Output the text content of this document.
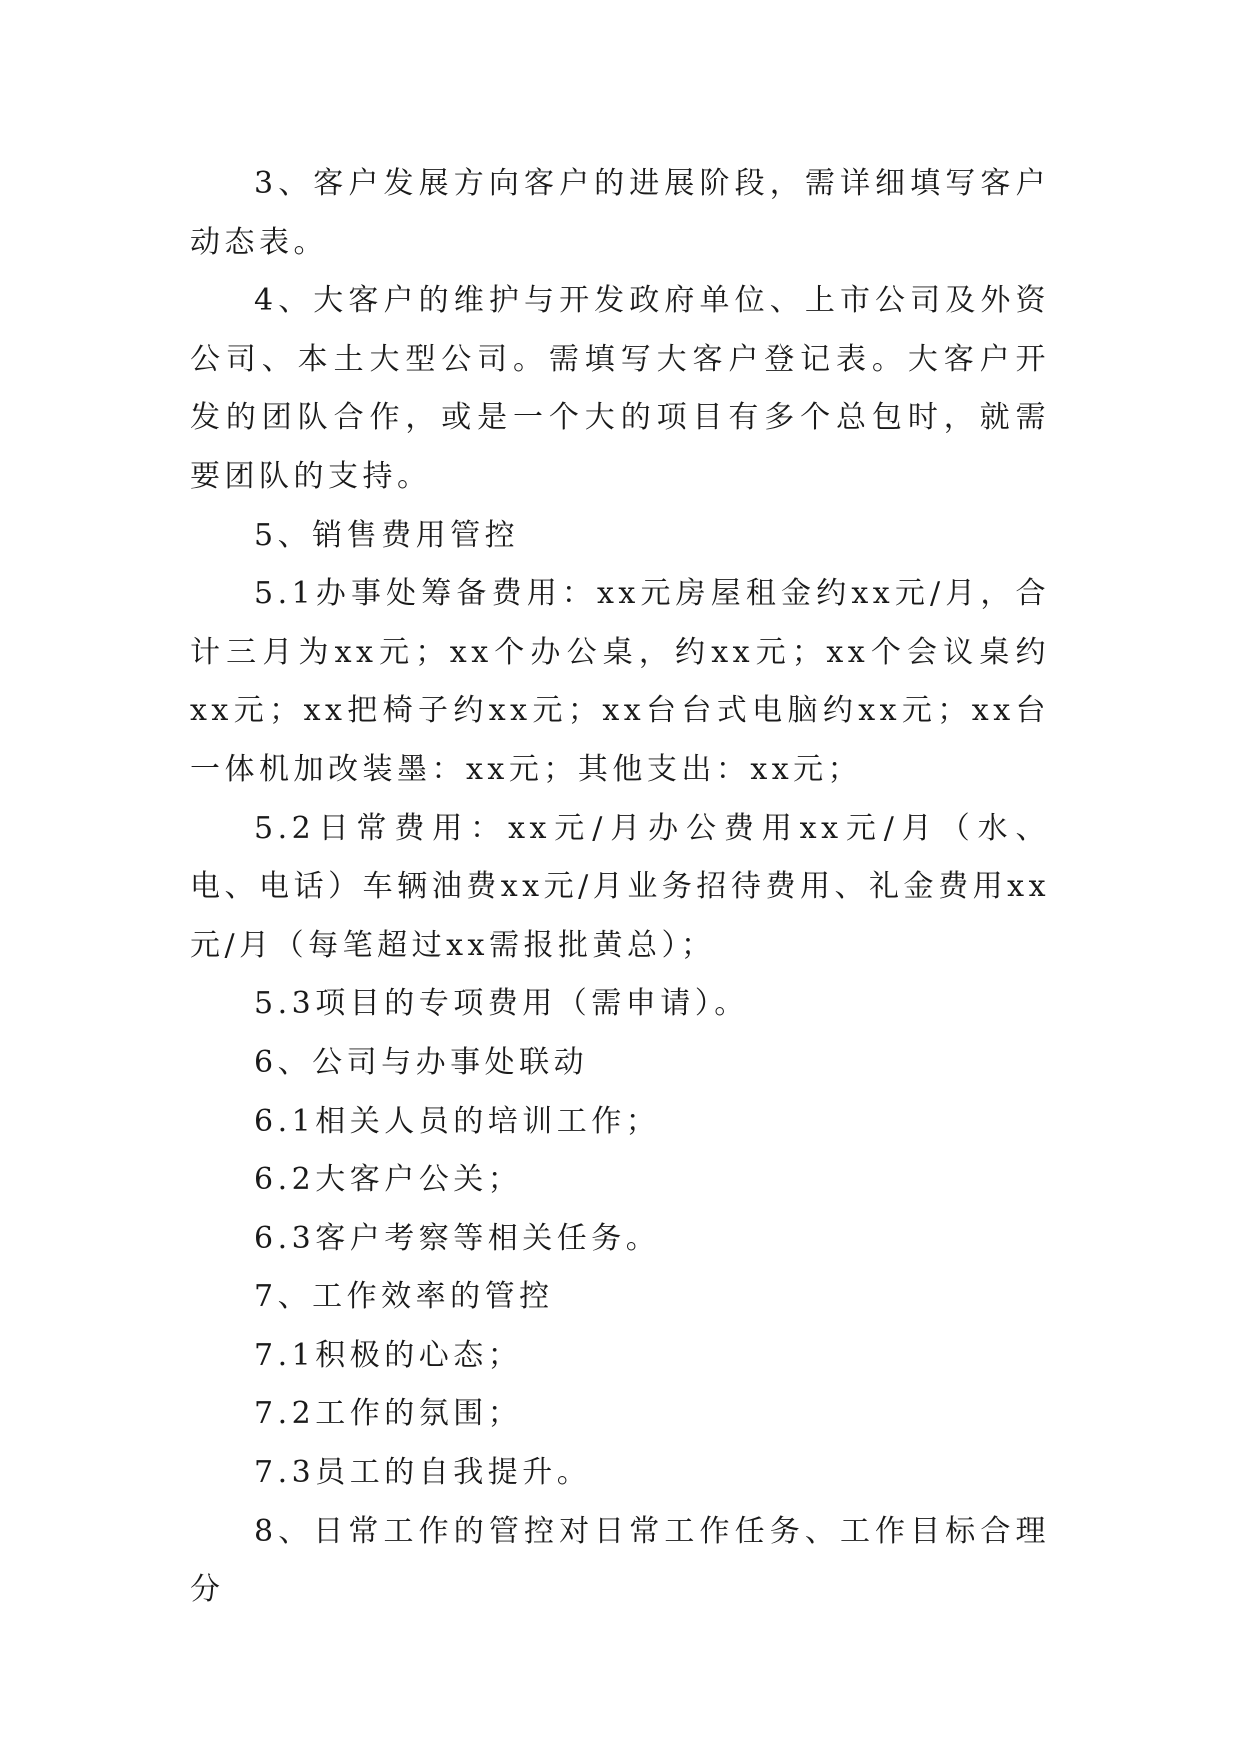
3、客户发展方向客户的进展阶段，需详细填写客户动态表。

4、大客户的维护与开发政府单位、上市公司及外资公司、本土大型公司。需填写大客户登记表。大客户开发的团队合作，或是一个大的项目有多个总包时，就需要团队的支持。

5、销售费用管控

5.1办事处筹备费用：xx元房屋租金约xx元/月，合计三月为xx元；xx个办公桌，约xx元；xx个会议桌约xx元；xx把椅子约xx元；xx台台式电脑约xx元；xx台一体机加改装墨：xx元；其他支出：xx元；

5.2日常费用：xx元/月办公费用xx元/月（水、电、电话）车辆油费xx元/月业务招待费用、礼金费用xx元/月（每笔超过xx需报批黄总）；

5.3项目的专项费用（需申请）。

6、公司与办事处联动

6.1相关人员的培训工作；

6.2大客户公关；

6.3客户考察等相关任务。

7、工作效率的管控

7.1积极的心态；

7.2工作的氛围；

7.3员工的自我提升。

8、日常工作的管控对日常工作任务、工作目标合理分
